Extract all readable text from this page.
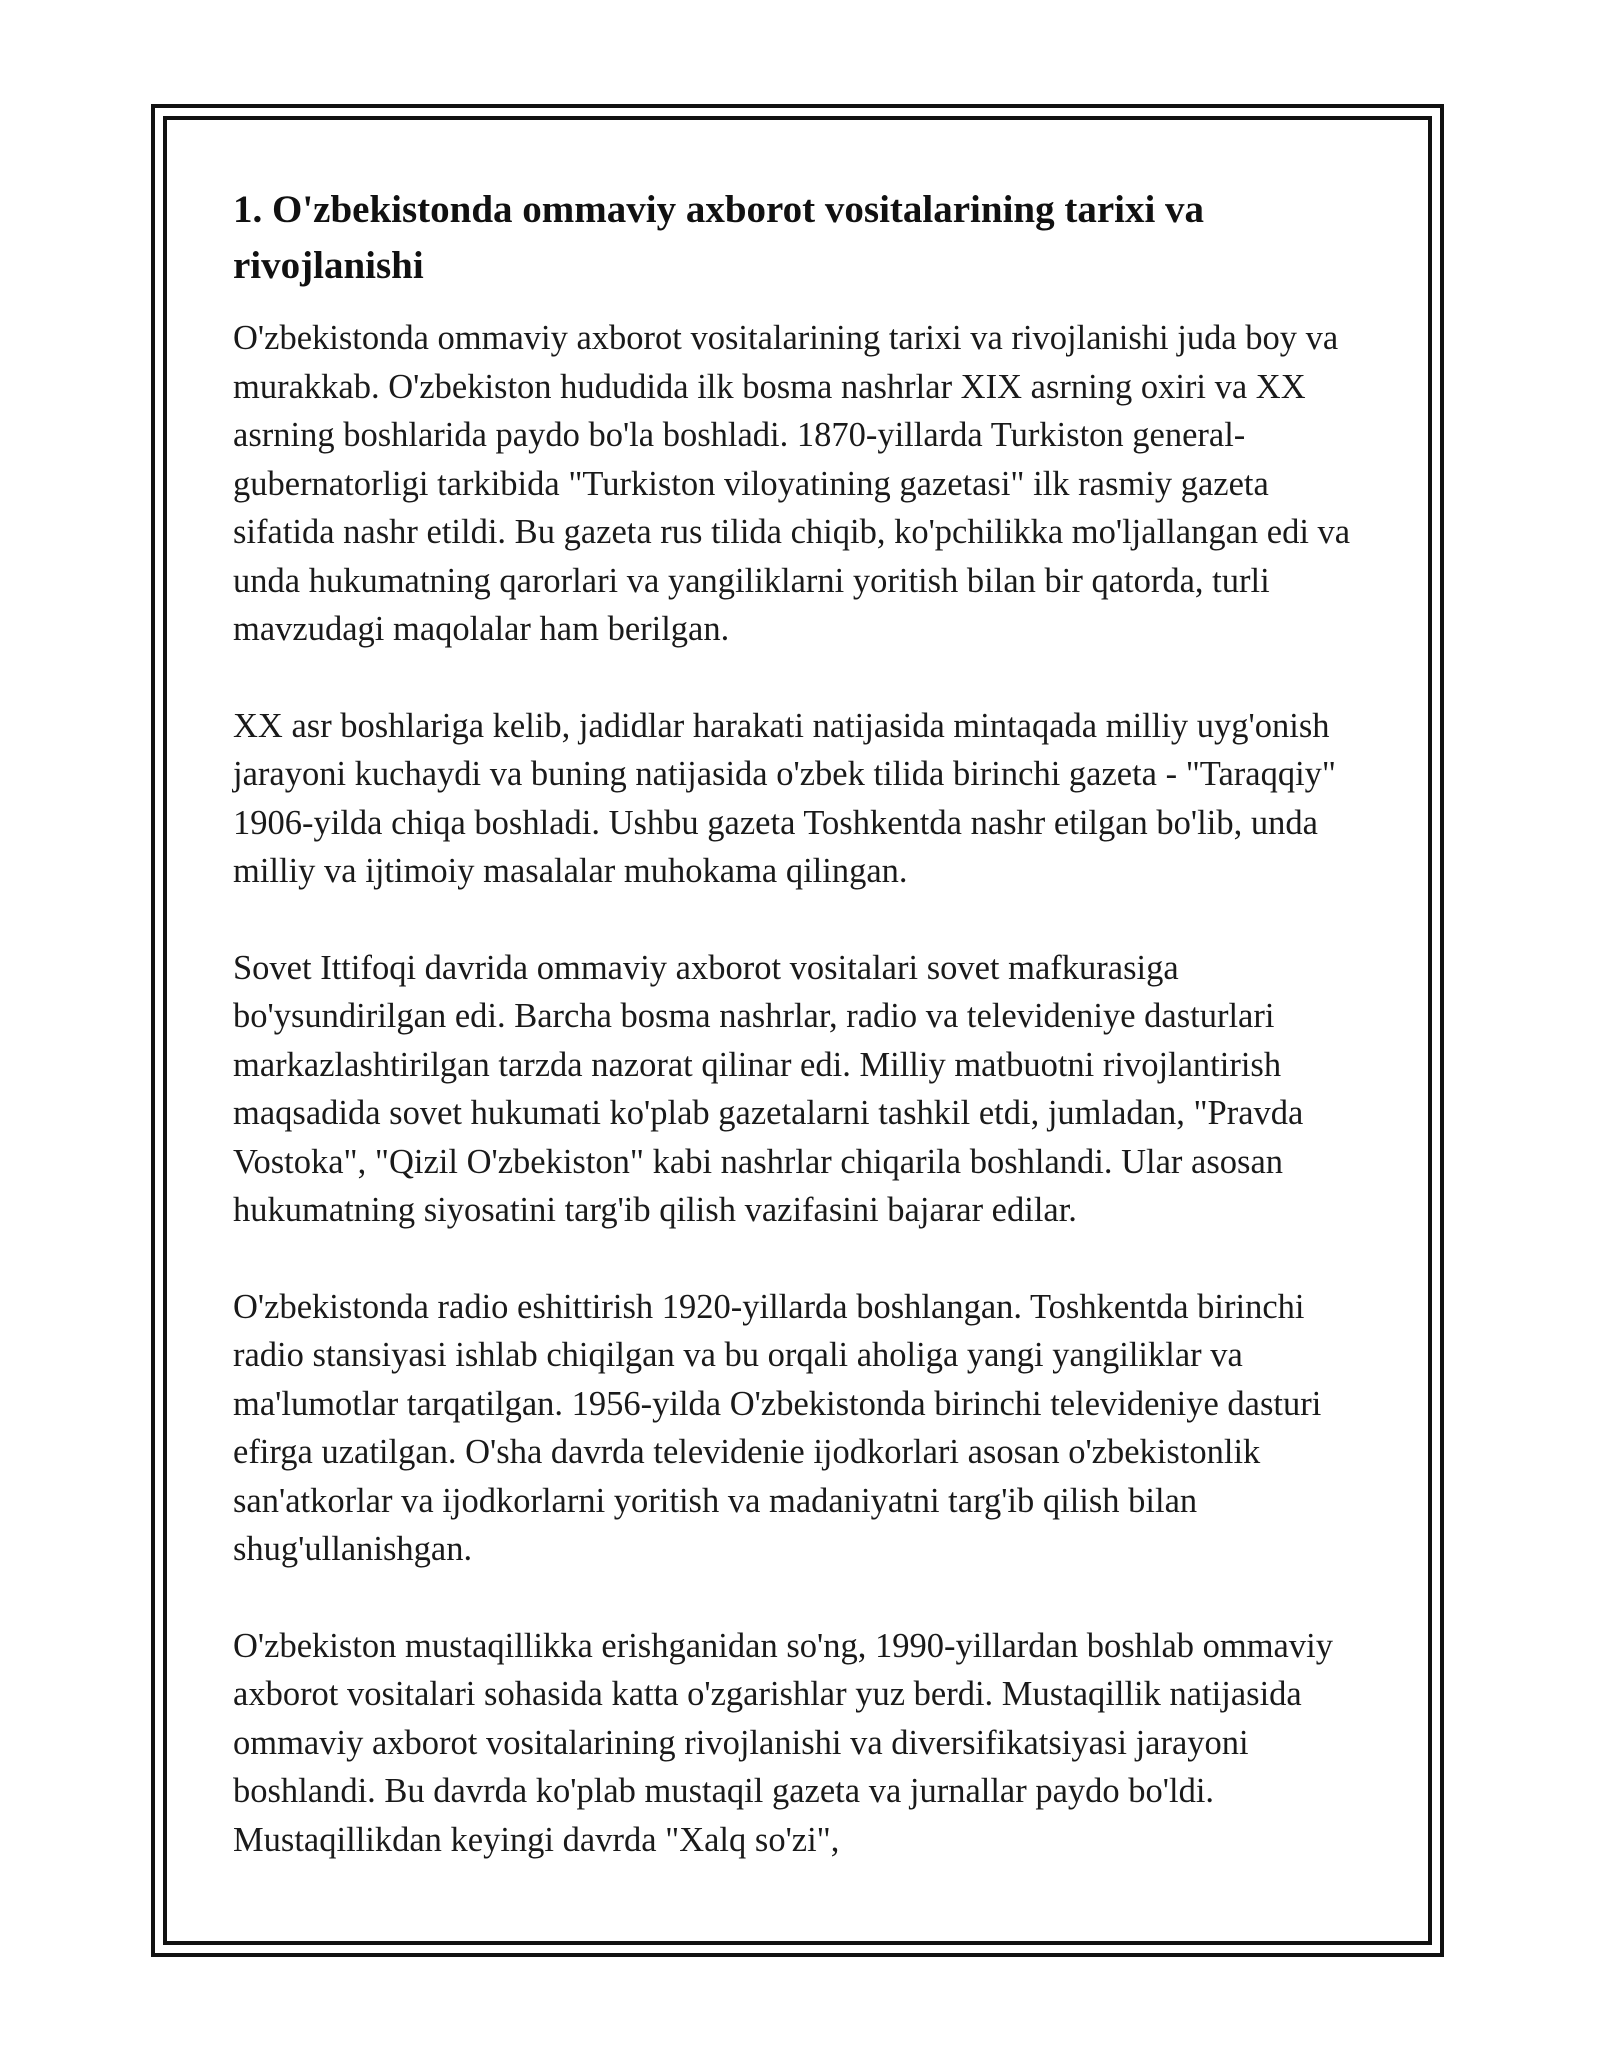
1. O'zbekistonda ommaviy axborot vositalarining tarixi va rivojlanishi

O'zbekistonda ommaviy axborot vositalarining tarixi va rivojlanishi juda boy va murakkab. O'zbekiston hududida ilk bosma nashrlar XIX asrning oxiri va XX asrning boshlarida paydo bo'la boshladi. 1870-yillarda Turkiston general-gubernatorligi tarkibida "Turkiston viloyatining gazetasi" ilk rasmiy gazeta sifatida nashr etildi. Bu gazeta rus tilida chiqib, ko'pchilikka mo'ljallangan edi va unda hukumatning qarorlari va yangiliklarni yoritish bilan bir qatorda, turli mavzudagi maqolalar ham berilgan.

XX asr boshlariga kelib, jadidlar harakati natijasida mintaqada milliy uyg'onish jarayoni kuchaydi va buning natijasida o'zbek tilida birinchi gazeta - "Taraqqiy" 1906-yilda chiqa boshladi. Ushbu gazeta Toshkentda nashr etilgan bo'lib, unda milliy va ijtimoiy masalalar muhokama qilingan.

Sovet Ittifoqi davrida ommaviy axborot vositalari sovet mafkurasiga bo'ysundirilgan edi. Barcha bosma nashrlar, radio va televideniye dasturlari markazlashtirilgan tarzda nazorat qilinar edi. Milliy matbuotni rivojlantirish maqsadida sovet hukumati ko'plab gazetalarni tashkil etdi, jumladan, "Pravda Vostoka", "Qizil O'zbekiston" kabi nashrlar chiqarila boshlandi. Ular asosan hukumatning siyosatini targ'ib qilish vazifasini bajarar edilar.

O'zbekistonda radio eshittirish 1920-yillarda boshlangan. Toshkentda birinchi radio stansiyasi ishlab chiqilgan va bu orqali aholiga yangi yangiliklar va ma'lumotlar tarqatilgan. 1956-yilda O'zbekistonda birinchi televideniye dasturi efirga uzatilgan. O'sha davrda televidenie ijodkorlari asosan o'zbekistonlik san'atkorlar va ijodkorlarni yoritish va madaniyatni targ'ib qilish bilan shug'ullanishgan.

O'zbekiston mustaqillikka erishganidan so'ng, 1990-yillardan boshlab ommaviy axborot vositalari sohasida katta o'zgarishlar yuz berdi. Mustaqillik natijasida ommaviy axborot vositalarining rivojlanishi va diversifikatsiyasi jarayoni boshlandi. Bu davrda ko'plab mustaqil gazeta va jurnallar paydo bo'ldi. Mustaqillikdan keyingi davrda "Xalq so'zi",
